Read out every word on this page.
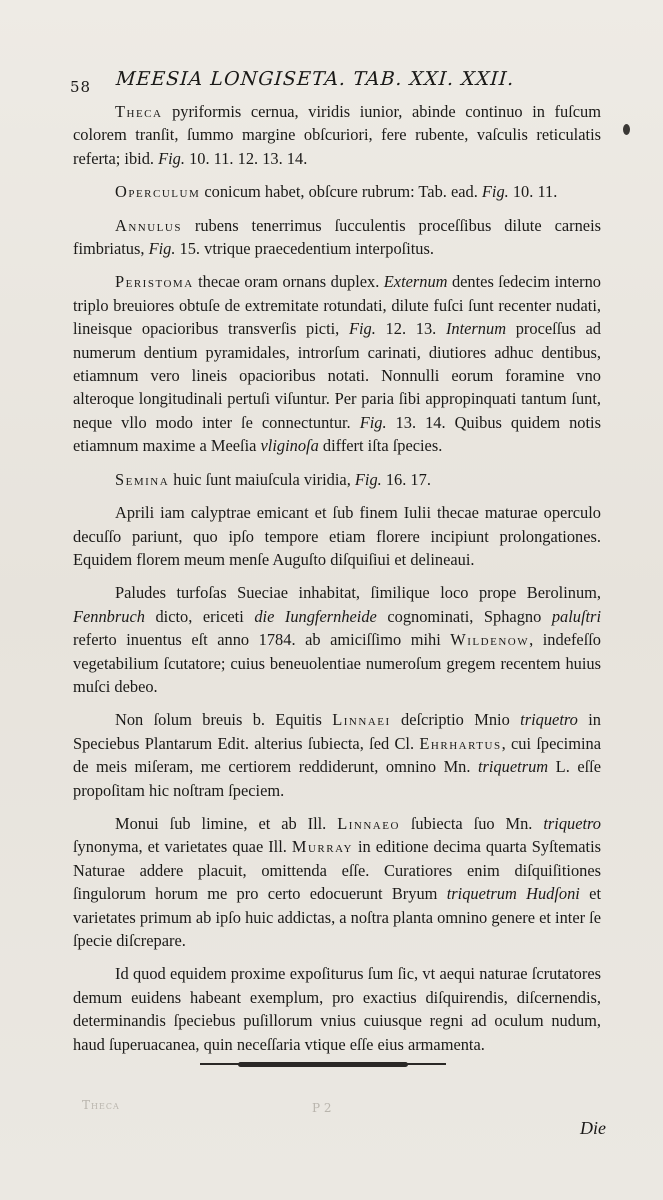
58 MEESIA LONGISETA. TAB. XXI. XXII.

Theca pyriformis cernua, viridis iunior, abinde continuo in fuſcum colorem tranſit, ſummo margine obſcuriori, fere rubente, vaſculis reticulatis referta; ibid. Fig. 10. 11. 12. 13. 14.

Operculum conicum habet, obſcure rubrum: Tab. ead. Fig. 10. 11.

Annulus rubens tenerrimus ſucculentis proceſſibus dilute carneis fimbriatus, Fig. 15. vtrique praecedentium interpoſitus.

Peristoma thecae oram ornans duplex. Externum dentes ſedecim interno triplo breuiores obtuſe de extremitate rotundati, dilute fuſci ſunt recenter nudati, lineisque opacioribus transverſis picti, Fig. 12. 13. Internum proceſſus ad numerum dentium pyramidales, introrſum carinati, diutiores adhuc dentibus, etiamnum vero lineis opacioribus notati. Nonnulli eorum foramine vno alteroque longitudinali pertuſi viſuntur. Per paria ſibi appropinquati tantum ſunt, neque vllo modo inter ſe connectuntur. Fig. 13. 14. Quibus quidem notis etiamnum maxime a Meeſia vliginoſa differt iſta ſpecies.

Semina huic ſunt maiuſcula viridia, Fig. 16. 17.

Aprili iam calyptrae emicant et ſub finem Iulii thecae maturae operculo decuſſo pariunt, quo ipſo tempore etiam florere incipiunt prolongationes. Equidem florem meum menſe Auguſto diſquiſiui et delineaui.

Paludes turfoſas Sueciae inhabitat, ſimilique loco prope Berolinum, Fennbruch dicto, ericeti die Iungfernheide cognominati, Sphagno paluſtri referto inuentus eſt anno 1784. ab amiciſſimo mihi Wildenow, indefeſſo vegetabilium ſcutatore; cuius beneuolentiae numeroſum gregem recentem huius muſci debeo.

Non ſolum breuis b. Equitis Linnaei deſcriptio Mnio triquetro in Speciebus Plantarum Edit. alterius ſubiecta, ſed Cl. Ehrhartus, cui ſpecimina de meis miſeram, me certiorem reddiderunt, omnino Mn. triquetrum L. eſſe propoſitam hic noſtram ſpeciem.

Monui ſub limine, et ab Ill. Linnaeo ſubiecta ſuo Mn. triquetro ſynonyma, et varietates quae Ill. Murray in editione decima quarta Syſtematis Naturae addere placuit, omittenda eſſe. Curatiores enim diſquiſitiones ſingulorum horum me pro certo edocuerunt Bryum triquetrum Hudſoni et varietates primum ab ipſo huic addictas, a noſtra planta omnino genere et inter ſe ſpecie diſcrepare.

Id quod equidem proxime expoſiturus ſum ſic, vt aequi naturae ſcrutatores demum euidens habeant exemplum, pro exactius diſquirendis, diſcernendis, determinandis ſpeciebus puſillorum vnius cuiusque regni ad oculum nudum, haud ſuperuacanea, quin neceſſaria vtique eſſe eius armamenta.

Theca	P 2
Die
